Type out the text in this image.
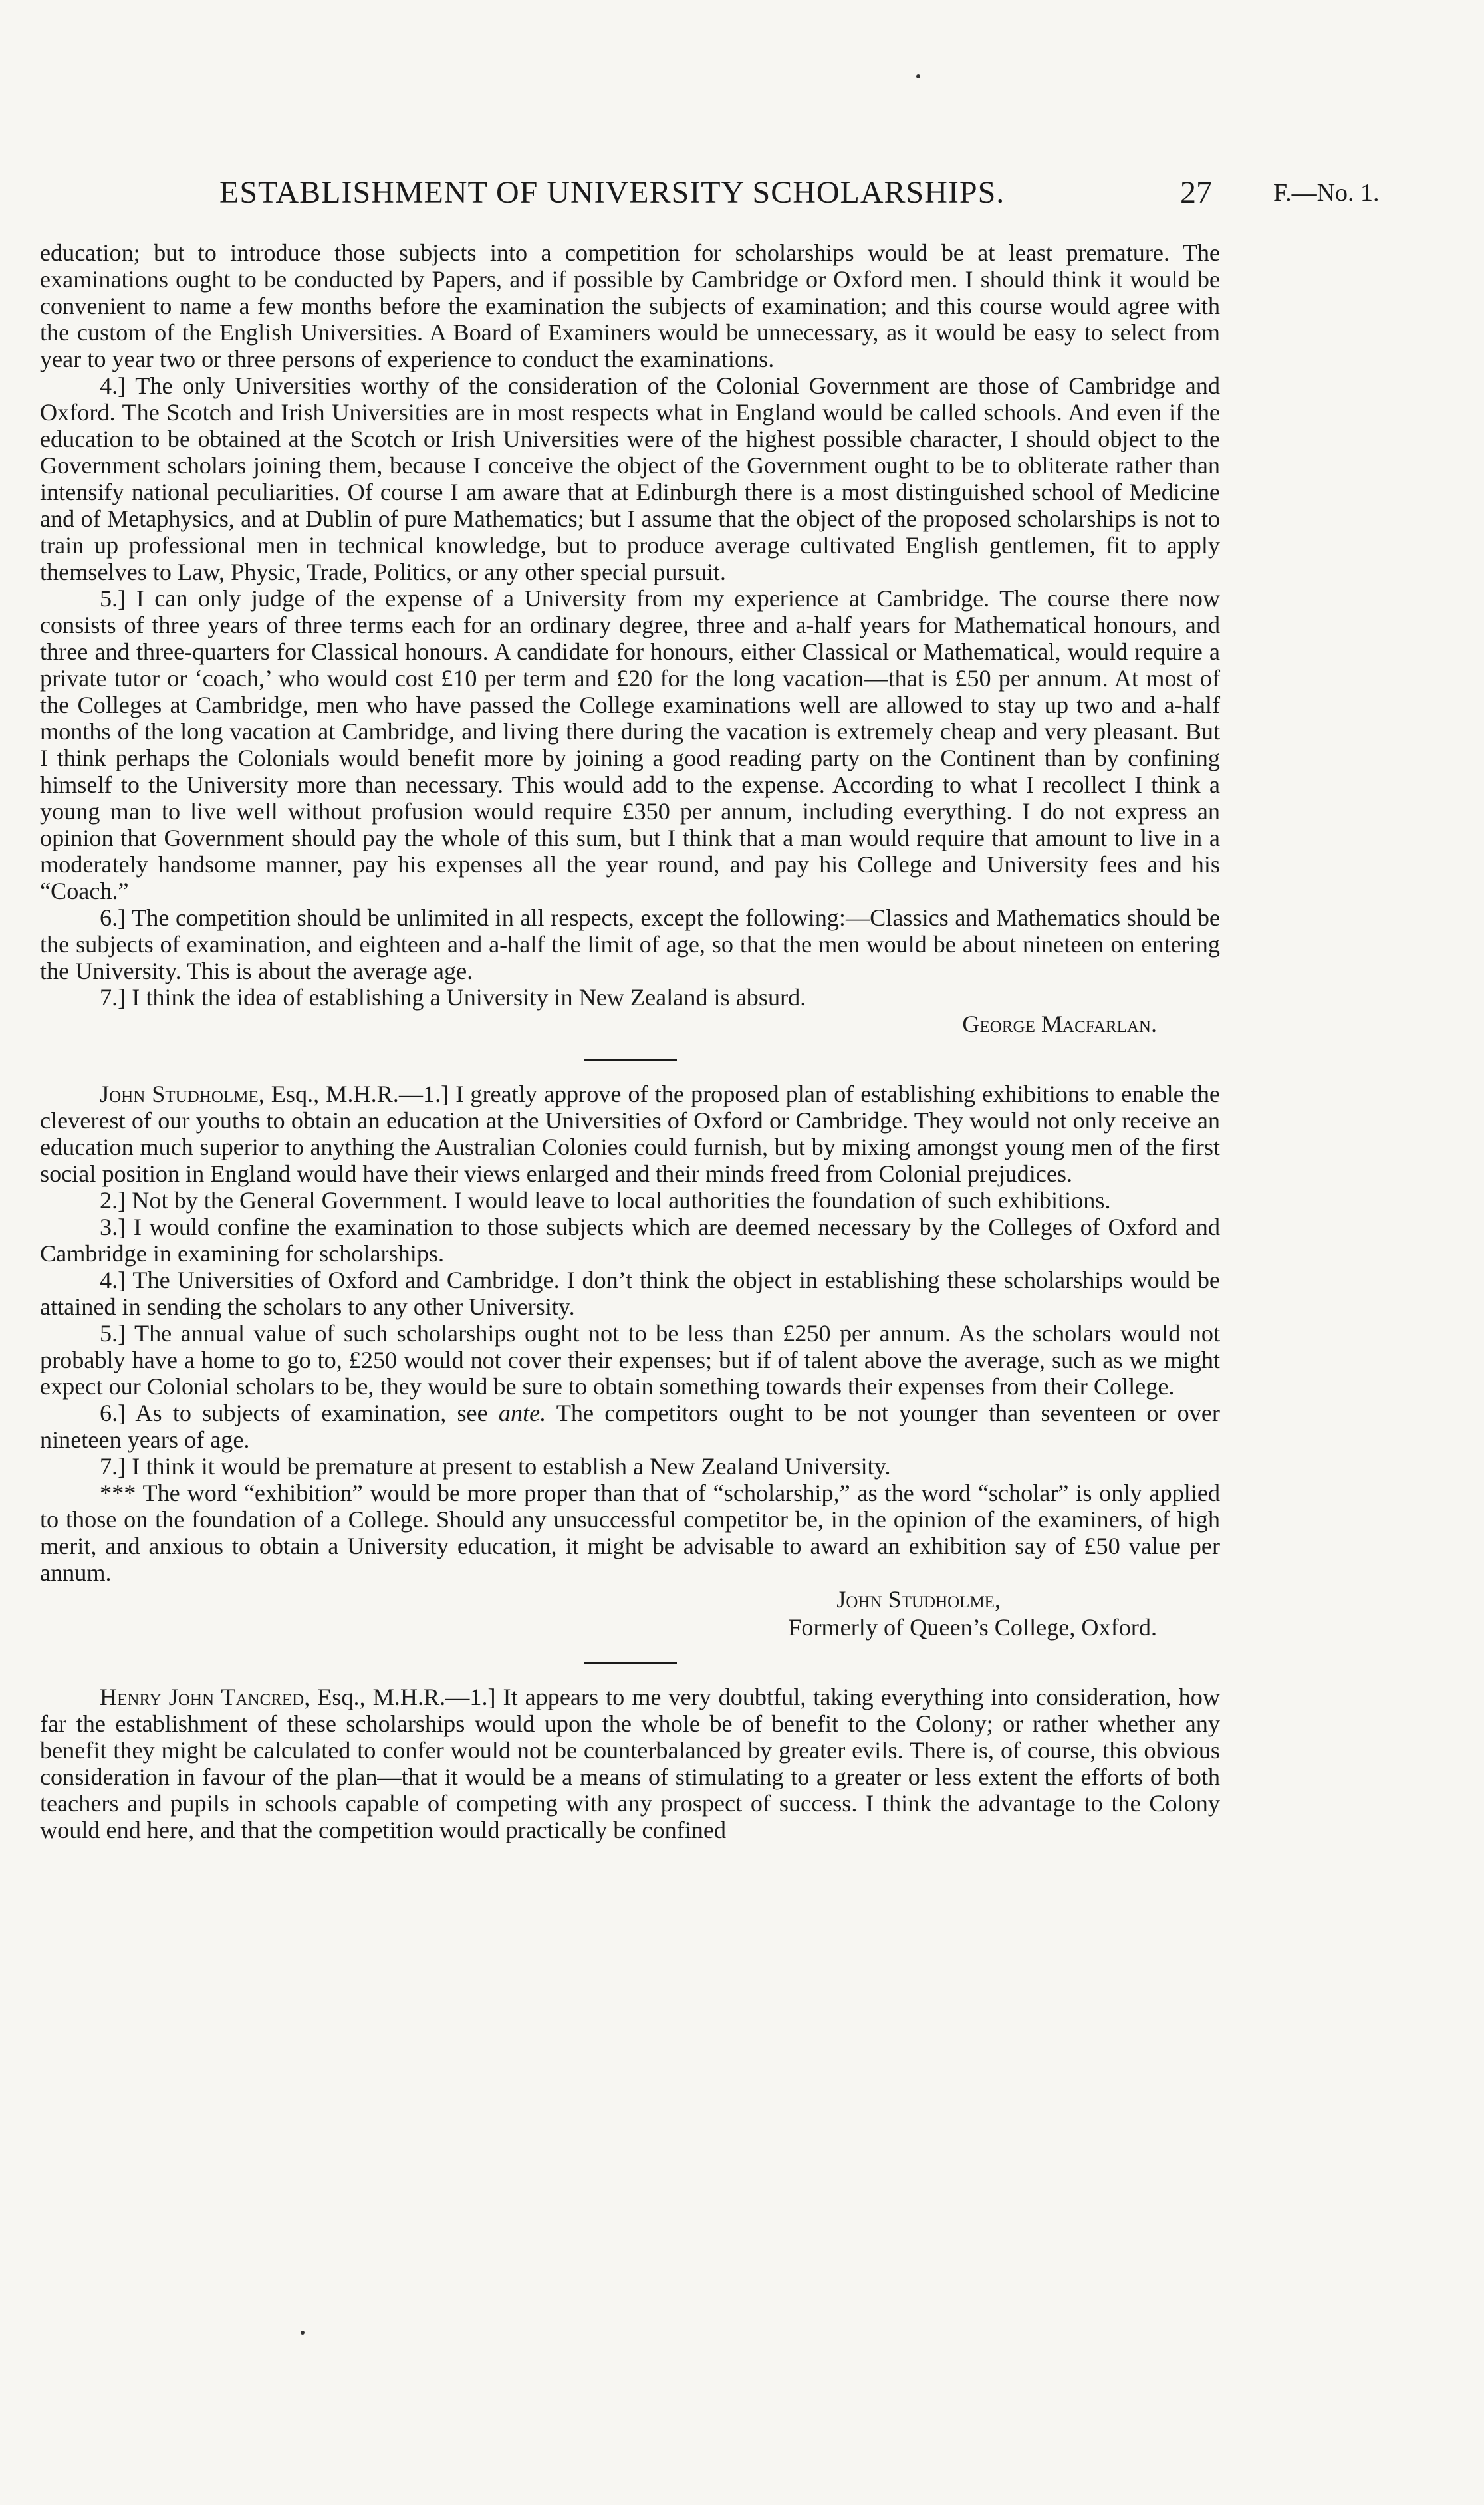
ESTABLISHMENT OF UNIVERSITY SCHOLARSHIPS.	27 F.—No. 1.

education; but to introduce those subjects into a competition for scholarships would be at least premature. The examinations ought to be conducted by Papers, and if possible by Cambridge or Oxford men. I should think it would be convenient to name a few months before the examination the subjects of examination; and this course would agree with the custom of the English Universities. A Board of Examiners would be unnecessary, as it would be easy to select from year to year two or three persons of experience to conduct the examinations.

4.] The only Universities worthy of the consideration of the Colonial Government are those of Cambridge and Oxford. The Scotch and Irish Universities are in most respects what in England would be called schools. And even if the education to be obtained at the Scotch or Irish Universities were of the highest possible character, I should object to the Government scholars joining them, because I conceive the object of the Government ought to be to obliterate rather than intensify national peculiarities. Of course I am aware that at Edinburgh there is a most distinguished school of Medicine and of Metaphysics, and at Dublin of pure Mathematics; but I assume that the object of the proposed scholarships is not to train up professional men in technical knowledge, but to produce average cultivated English gentlemen, fit to apply themselves to Law, Physic, Trade, Politics, or any other special pursuit.

5.] I can only judge of the expense of a University from my experience at Cambridge. The course there now consists of three years of three terms each for an ordinary degree, three and a-half years for Mathematical honours, and three and three-quarters for Classical honours. A candidate for honours, either Classical or Mathematical, would require a private tutor or ‘coach,’ who would cost £10 per term and £20 for the long vacation—that is £50 per annum. At most of the Colleges at Cambridge, men who have passed the College examinations well are allowed to stay up two and a-half months of the long vacation at Cambridge, and living there during the vacation is extremely cheap and very pleasant. But I think perhaps the Colonials would benefit more by joining a good reading party on the Continent than by confining himself to the University more than necessary. This would add to the expense. According to what I recollect I think a young man to live well without profusion would require £350 per annum, including everything. I do not express an opinion that Government should pay the whole of this sum, but I think that a man would require that amount to live in a moderately handsome manner, pay his expenses all the year round, and pay his College and University fees and his “Coach.”

6.] The competition should be unlimited in all respects, except the following:—Classics and Mathematics should be the subjects of examination, and eighteen and a-half the limit of age, so that the men would be about nineteen on entering the University. This is about the average age.

7.] I think the idea of establishing a University in New Zealand is absurd.

George Macfarlan.

John Studholme, Esq., M.H.R.—1.] I greatly approve of the proposed plan of establishing exhibitions to enable the cleverest of our youths to obtain an education at the Universities of Oxford or Cambridge. They would not only receive an education much superior to anything the Australian Colonies could furnish, but by mixing amongst young men of the first social position in England would have their views enlarged and their minds freed from Colonial prejudices.

2.] Not by the General Government. I would leave to local authorities the foundation of such exhibitions.

3.] I would confine the examination to those subjects which are deemed necessary by the Colleges of Oxford and Cambridge in examining for scholarships.

4.] The Universities of Oxford and Cambridge. I don’t think the object in establishing these scholarships would be attained in sending the scholars to any other University.

5.] The annual value of such scholarships ought not to be less than £250 per annum. As the scholars would not probably have a home to go to, £250 would not cover their expenses; but if of talent above the average, such as we might expect our Colonial scholars to be, they would be sure to obtain something towards their expenses from their College.

6.] As to subjects of examination, see ante. The competitors ought to be not younger than seventeen or over nineteen years of age.

7.] I think it would be premature at present to establish a New Zealand University.

*** The word “exhibition” would be more proper than that of “scholarship,” as the word “scholar” is only applied to those on the foundation of a College. Should any unsuccessful competitor be, in the opinion of the examiners, of high merit, and anxious to obtain a University education, it might be advisable to award an exhibition say of £50 value per annum.

John Studholme,

Formerly of Queen’s College, Oxford.

Henry John Tancred, Esq., M.H.R.—1.] It appears to me very doubtful, taking everything into consideration, how far the establishment of these scholarships would upon the whole be of benefit to the Colony; or rather whether any benefit they might be calculated to confer would not be counterbalanced by greater evils. There is, of course, this obvious consideration in favour of the plan—that it would be a means of stimulating to a greater or less extent the efforts of both teachers and pupils in schools capable of competing with any prospect of success. I think the advantage to the Colony would end here, and that the competition would practically be confined
